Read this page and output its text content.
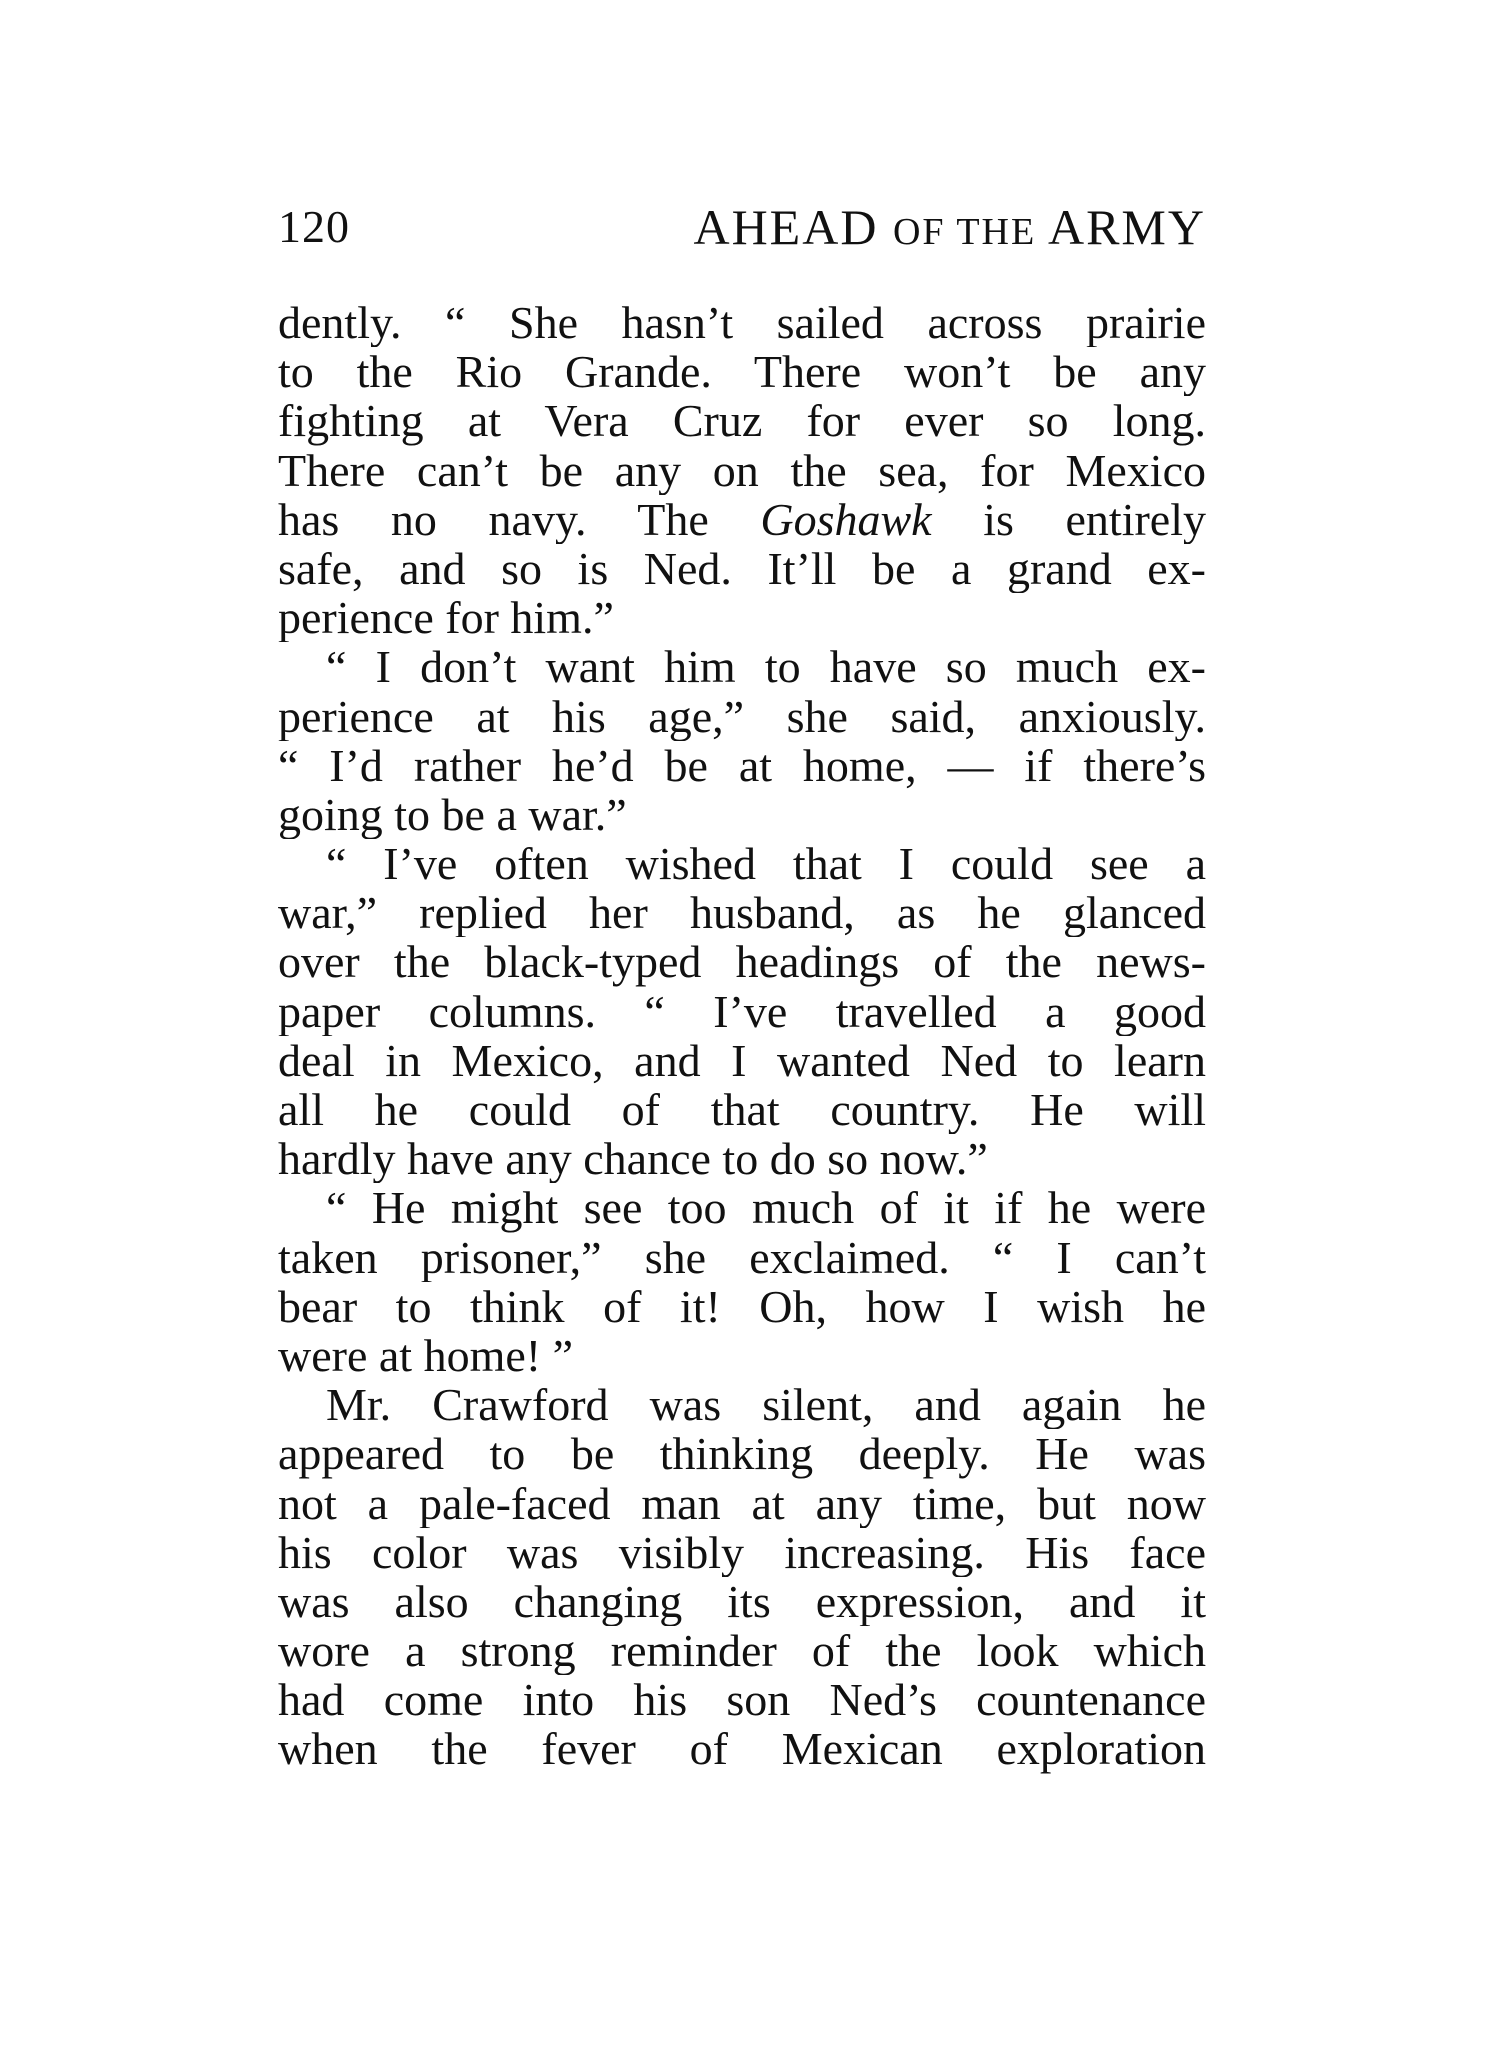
120	AHEAD OF THE ARMY
dently. “ She hasn’t sailed across prairie
to the Rio Grande. There won’t be any
fighting at Vera Cruz for ever so long.
There can’t be any on the sea, for Mexico
has no navy. The Goshawk is entirely
safe, and so is Ned. It’ll be a grand ex-
perience for him.”
“ I don’t want him to have so much ex-
perience at his age,” she said, anxiously.
“ I’d rather he’d be at home, — if there’s
going to be a war.”
“ I’ve often wished that I could see a
war,” replied her husband, as he glanced
over the black-typed headings of the news-
paper columns. “ I’ve travelled a good
deal in Mexico, and I wanted Ned to learn
all he could of that country. He will
hardly have any chance to do so now.”
“ He might see too much of it if he were
taken prisoner,” she exclaimed. “ I can’t
bear to think of it! Oh, how I wish he
were at home! ”
Mr. Crawford was silent, and again he
appeared to be thinking deeply. He was
not a pale-faced man at any time, but now
his color was visibly increasing. His face
was also changing its expression, and it
wore a strong reminder of the look which
had come into his son Ned’s countenance
when the fever of Mexican exploration
